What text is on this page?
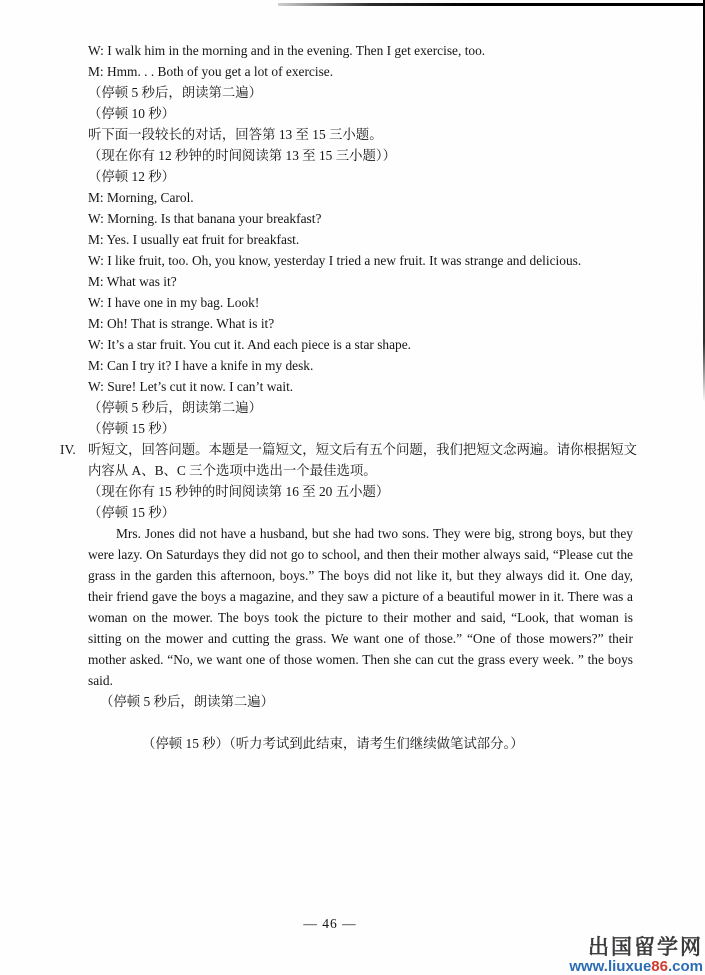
W: I walk him in the morning and in the evening. Then I get exercise, too.
M: Hmm. . . Both of you get a lot of exercise.
（停顿 5 秒后，朗读第二遍）
（停顿 10 秒）
听下面一段较长的对话，回答第 13 至 15 三小题。
（现在你有 12 秒钟的时间阅读第 13 至 15 三小题））
（停顿 12 秒）
M: Morning, Carol.
W: Morning. Is that banana your breakfast?
M: Yes. I usually eat fruit for breakfast.
W: I like fruit, too. Oh, you know, yesterday I tried a new fruit. It was strange and delicious.
M: What was it?
W: I have one in my bag. Look!
M: Oh! That is strange. What is it?
W: It’s a star fruit. You cut it. And each piece is a star shape.
M: Can I try it? I have a knife in my desk.
W: Sure! Let’s cut it now. I can’t wait.
（停顿 5 秒后，朗读第二遍）
（停顿 15 秒）
IV. 听短文，回答问题。本题是一篇短文，短文后有五个问题，我们把短文念两遍。请你根据短文
内容从 A、B、C 三个选项中选出一个最佳选项。
（现在你有 15 秒钟的时间阅读第 16 至 20 五小题）
（停顿 15 秒）

Mrs. Jones did not have a husband, but she had two sons. They were big, strong boys, but they were lazy. On Saturdays they did not go to school, and then their mother always said, “Please cut the grass in the garden this afternoon, boys.” The boys did not like it, but they always did it. One day, their friend gave the boys a magazine, and they saw a picture of a beautiful mower in it. There was a woman on the mower. The boys took the picture to their mother and said, “Look, that woman is sitting on the mower and cutting the grass. We want one of those.” “One of those mowers?” their mother asked. “No, we want one of those women. Then she can cut the grass every week. ” the boys said.

（停顿 5 秒后，朗读第二遍）
（停顿 15 秒）（听力考试到此结束，请考生们继续做笔试部分。）
— 46 —
出国留学网
www.liuxue86.com
